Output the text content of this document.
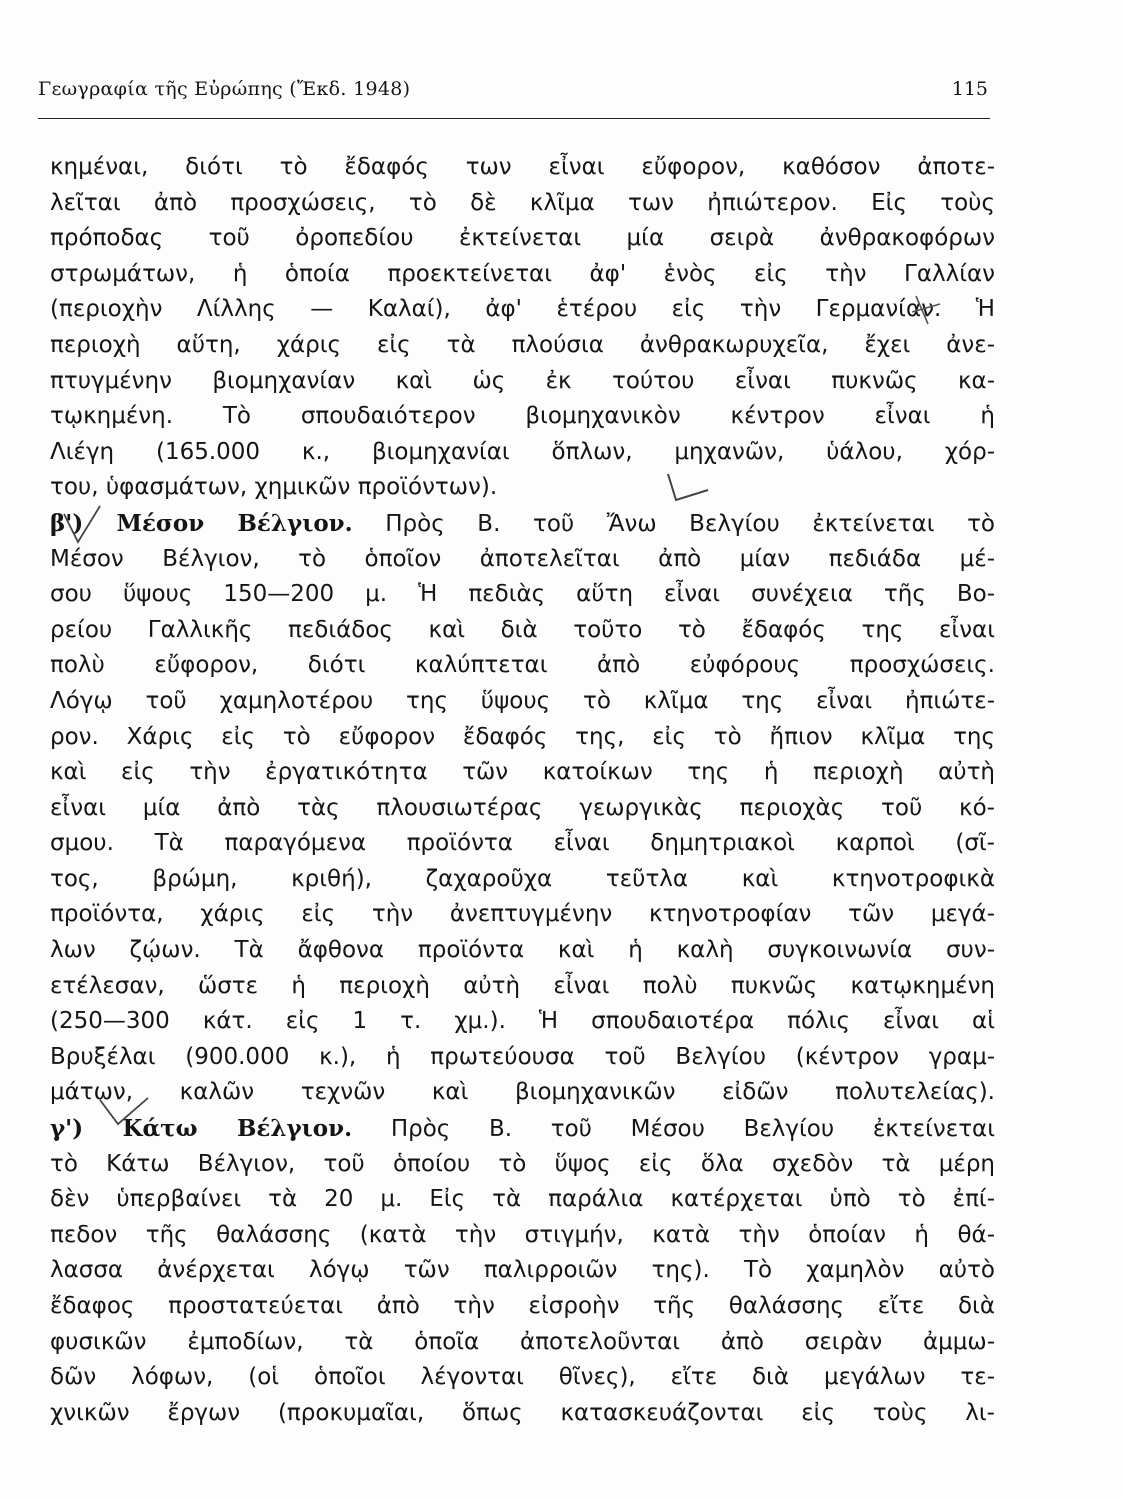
Γεωγραφία τῆς Εὐρώπης (Ἔκδ. 1948)	115
κημέναι, διότι τὸ ἔδαφός των εἶναι εὔφορον, καθόσον ἀποτε-
λεῖται ἀπὸ προσχώσεις, τὸ δὲ κλῖμα των ἠπιώτερον. Εἰς τοὺς
πρόποδας τοῦ ὀροπεδίου ἐκτείνεται μία σειρὰ ἀνθρακοφόρων
στρωμάτων, ἡ ὁποία προεκτείνεται ἀφ' ἑνὸς εἰς τὴν Γαλλίαν
(περιοχὴν Λίλλης — Καλαί), ἀφ' ἑτέρου εἰς τὴν Γερμανίαν. Ἡ
περιοχὴ αὕτη, χάρις εἰς τὰ πλούσια ἀνθρακωρυχεῖα, ἔχει ἀνε-
πτυγμένην βιομηχανίαν καὶ ὡς ἐκ τούτου εἶναι πυκνῶς κα-
τῳκημένη. Τὸ σπουδαιότερον βιομηχανικὸν κέντρον εἶναι ἡ
Λιέγη (165.000 κ., βιομηχανίαι ὅπλων, μηχανῶν, ὑάλου, χόρ-
του, ὑφασμάτων, χημικῶν προϊόντων).
β') Μέσον Βέλγιον. Πρὸς Β. τοῦ Ἄνω Βελγίου ἐκτείνεται τὸ
Μέσον Βέλγιον, τὸ ὁποῖον ἀποτελεῖται ἀπὸ μίαν πεδιάδα μέ-
σου ὕψους 150—200 μ. Ἡ πεδιὰς αὕτη εἶναι συνέχεια τῆς Βο-
ρείου Γαλλικῆς πεδιάδος καὶ διὰ τοῦτο τὸ ἔδαφός της εἶναι
πολὺ εὔφορον, διότι καλύπτεται ἀπὸ εὐφόρους προσχώσεις.
Λόγῳ τοῦ χαμηλοτέρου της ὕψους τὸ κλῖμα της εἶναι ἠπιώτε-
ρον. Χάρις εἰς τὸ εὔφορον ἔδαφός της, εἰς τὸ ἤπιον κλῖμα της
καὶ εἰς τὴν ἐργατικότητα τῶν κατοίκων της ἡ περιοχὴ αὐτὴ
εἶναι μία ἀπὸ τὰς πλουσιωτέρας γεωργικὰς περιοχὰς τοῦ κό-
σμου. Τὰ παραγόμενα προϊόντα εἶναι δημητριακοὶ καρποὶ (σῖ-
τος, βρώμη, κριθή), ζαχαροῦχα τεῦτλα καὶ κτηνοτροφικὰ
προϊόντα, χάρις εἰς τὴν ἀνεπτυγμένην κτηνοτροφίαν τῶν μεγά-
λων ζῴων. Τὰ ἄφθονα προϊόντα καὶ ἡ καλὴ συγκοινωνία συν-
ετέλεσαν, ὥστε ἡ περιοχὴ αὐτὴ εἶναι πολὺ πυκνῶς κατῳκημένη
(250—300 κάτ. εἰς 1 τ. χμ.). Ἡ σπουδαιοτέρα πόλις εἶναι αἱ
Βρυξέλαι (900.000 κ.), ἡ πρωτεύουσα τοῦ Βελγίου (κέντρον γραμ-
μάτων, καλῶν τεχνῶν καὶ βιομηχανικῶν εἰδῶν πολυτελείας).
γ') Κάτω Βέλγιον. Πρὸς Β. τοῦ Μέσου Βελγίου ἐκτείνεται
τὸ Κάτω Βέλγιον, τοῦ ὁποίου τὸ ὕψος εἰς ὅλα σχεδὸν τὰ μέρη
δὲν ὑπερβαίνει τὰ 20 μ. Εἰς τὰ παράλια κατέρχεται ὑπὸ τὸ ἐπί-
πεδον τῆς θαλάσσης (κατὰ τὴν στιγμήν, κατὰ τὴν ὁποίαν ἡ θά-
λασσα ἀνέρχεται λόγῳ τῶν παλιρροιῶν της). Τὸ χαμηλὸν αὐτὸ
ἔδαφος προστατεύεται ἀπὸ τὴν εἰσροὴν τῆς θαλάσσης εἴτε διὰ
φυσικῶν ἐμποδίων, τὰ ὁποῖα ἀποτελοῦνται ἀπὸ σειρὰν ἀμμω-
δῶν λόφων, (οἱ ὁποῖοι λέγονται θῖνες), εἴτε διὰ μεγάλων τε-
χνικῶν ἔργων (προκυμαῖαι, ὅπως κατασκευάζονται εἰς τοὺς λι-
